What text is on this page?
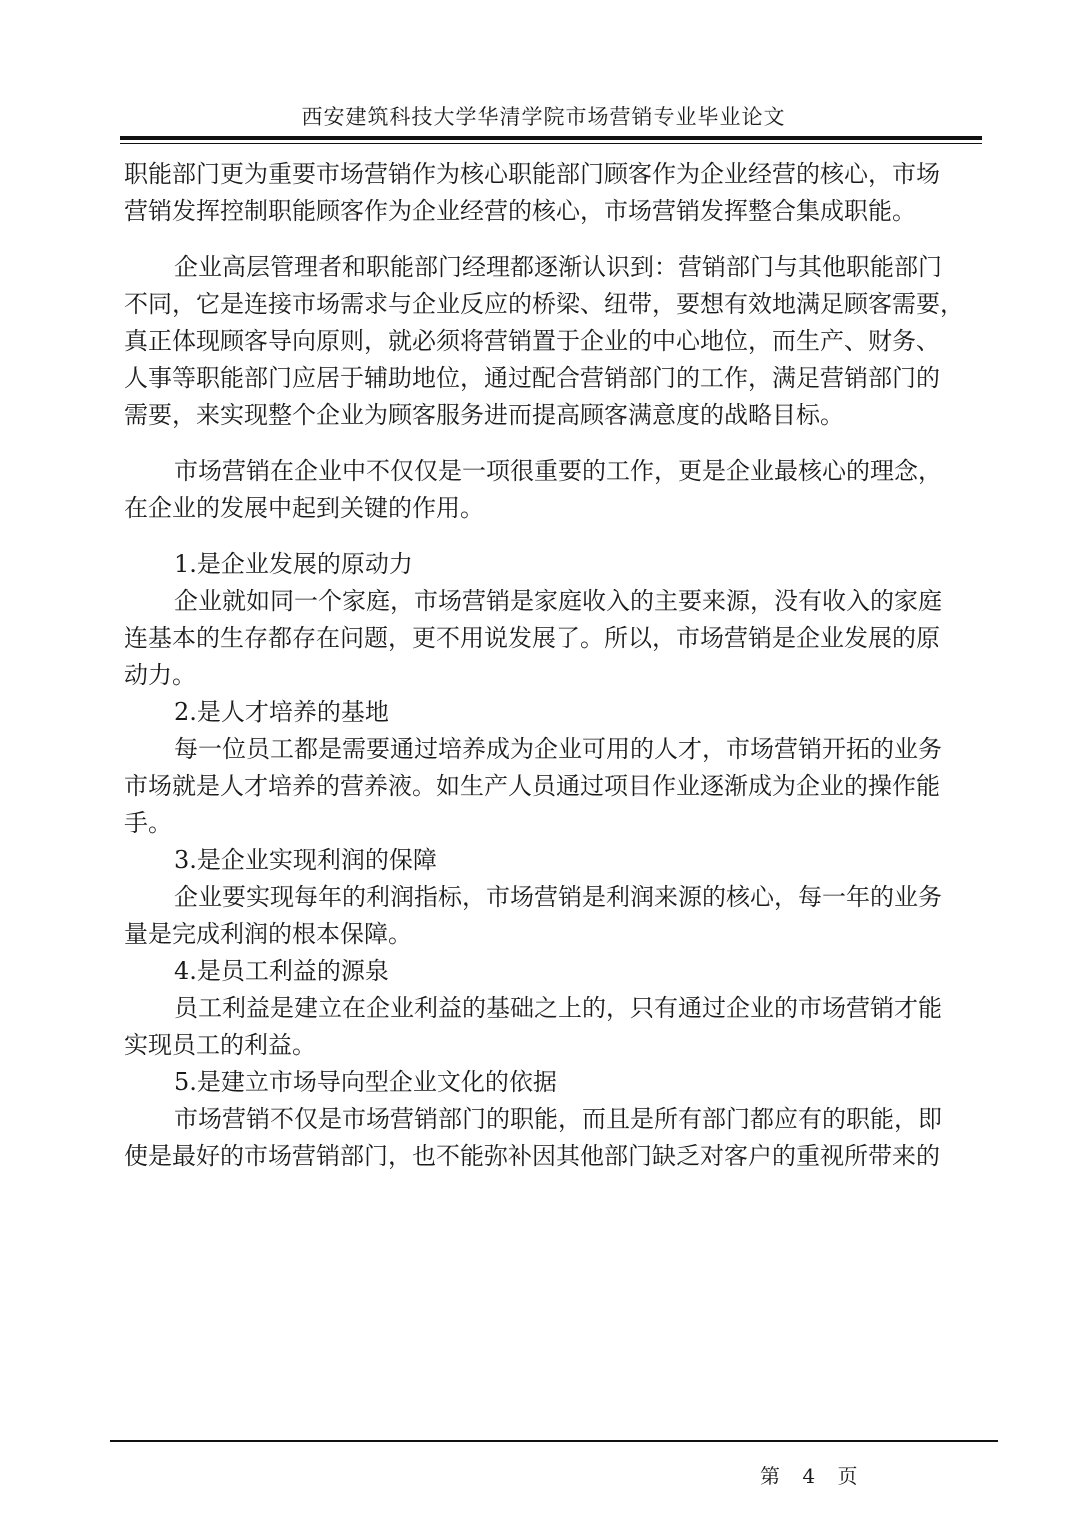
西安建筑科技大学华清学院市场营销专业毕业论文

职能部门更为重要市场营销作为核心职能部门顾客作为企业经营的核心，市场
营销发挥控制职能顾客作为企业经营的核心，市场营销发挥整合集成职能。

企业高层管理者和职能部门经理都逐渐认识到：营销部门与其他职能部门
不同，它是连接市场需求与企业反应的桥梁、纽带，要想有效地满足顾客需要，
真正体现顾客导向原则，就必须将营销置于企业的中心地位，而生产、财务、
人事等职能部门应居于辅助地位，通过配合营销部门的工作，满足营销部门的
需要，来实现整个企业为顾客服务进而提高顾客满意度的战略目标。

市场营销在企业中不仅仅是一项很重要的工作，更是企业最核心的理念，
在企业的发展中起到关键的作用。

1.是企业发展的原动力

企业就如同一个家庭，市场营销是家庭收入的主要来源，没有收入的家庭
连基本的生存都存在问题，更不用说发展了。所以，市场营销是企业发展的原
动力。

2.是人才培养的基地

每一位员工都是需要通过培养成为企业可用的人才，市场营销开拓的业务
市场就是人才培养的营养液。如生产人员通过项目作业逐渐成为企业的操作能
手。

3.是企业实现利润的保障

企业要实现每年的利润指标，市场营销是利润来源的核心，每一年的业务
量是完成利润的根本保障。

4.是员工利益的源泉

员工利益是建立在企业利益的基础之上的，只有通过企业的市场营销才能
实现员工的利益。

5.是建立市场导向型企业文化的依据

市场营销不仅是市场营销部门的职能，而且是所有部门都应有的职能，即
使是最好的市场营销部门，也不能弥补因其他部门缺乏对客户的重视所带来的

第 4 页
